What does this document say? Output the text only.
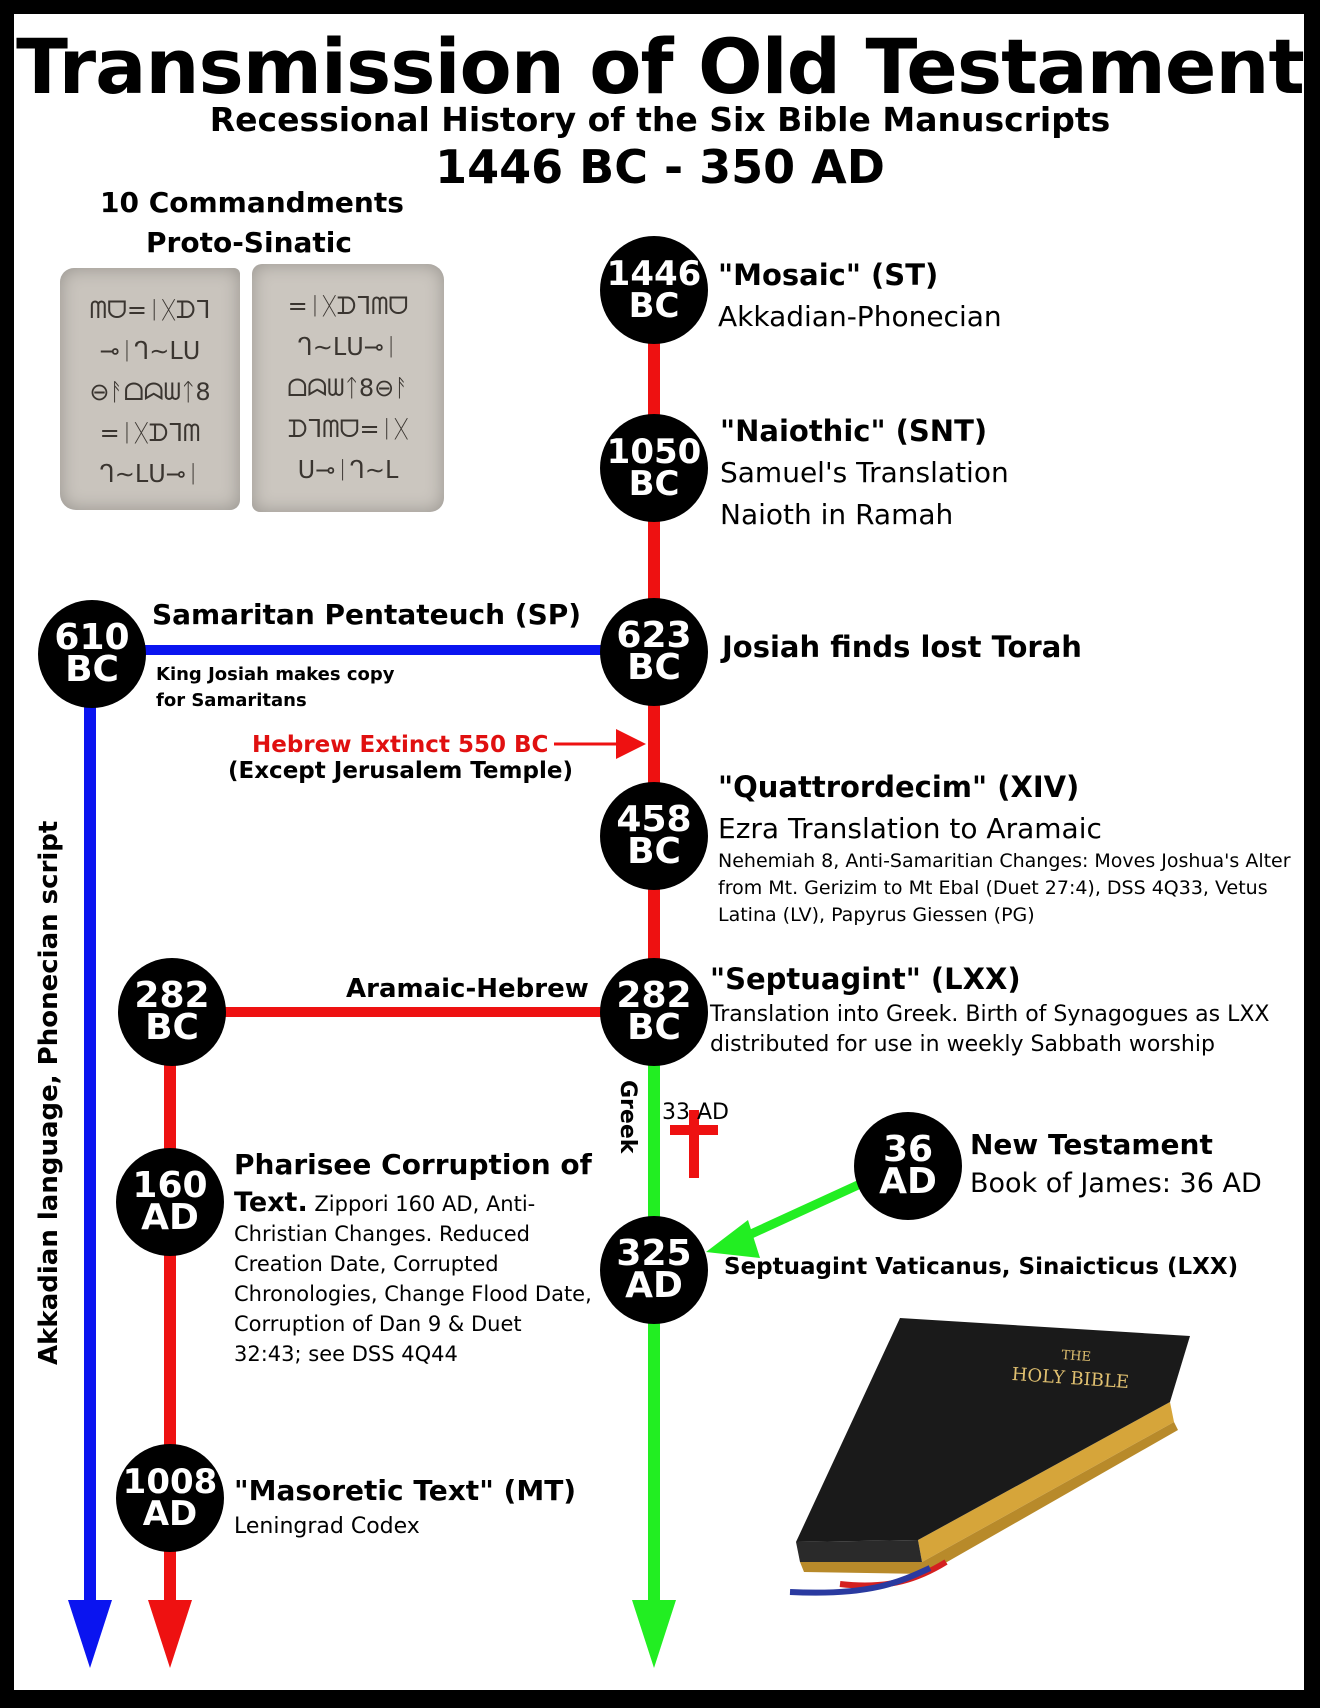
Transmission of Old Testament
Recessional History of the Six Bible Manuscripts
1446 BC - 350 AD
10 Commandments
Proto-Sinatic
ᗰᗜ=ᛁᚷᗪᒣ
⊸ᛁᒉ∼ᒪᑌ
⊖ᚨᗝᗣᗯᛏ8
=ᛁᚷᗪᒣᗰ
ᒉ∼ᒪᑌ⊸ᛁ
=ᛁᚷᗪᒣᗰᗜ
ᒉ∼ᒪᑌ⊸ᛁ
ᗝᗣᗯᛏ8⊖ᚨ
ᗪᒣᗰᗜ=ᛁᚷ
ᑌ⊸ᛁᒉ∼ᒪ
1446
BC
1050
BC
623
BC
610
BC
458
BC
282
BC
282
BC
36
AD
160
AD
325
AD
1008
AD
"Mosaic" (ST)
Akkadian-Phonecian
"Naiothic" (SNT)
Samuel's Translation
Naioth in Ramah
Josiah finds lost Torah
Samaritan Pentateuch (SP)
King Josiah makes copy
for Samaritans
Hebrew Extinct 550 BC
(Except Jerusalem Temple)	"Quattrordecim" (XIV)
Ezra Translation to Aramaic
Nehemiah 8, Anti-Samaritian Changes: Moves Joshua's Alter from Mt. Gerizim to Mt Ebal (Duet 27:4), DSS 4Q33, Vetus Latina (LV), Papyrus Giessen (PG)
Aramaic-Hebrew	"Septuagint" (LXX)
Translation into Greek. Birth of Synagogues as LXX distributed for use in weekly Sabbath worship
Greek 33 AD
New Testament
Book of James: 36 AD
Pharisee Corruption of
Text. Zippori 160 AD, Anti-Christian Changes. Reduced Creation Date, Corrupted Chronologies, Change Flood Date, Corruption of Dan 9 & Duet 32:43; see DSS 4Q44
Septuagint Vaticanus, Sinaicticus (LXX)
"Masoretic Text" (MT)
Leningrad Codex
Akkadian language, Phonecian script	THE
HOLY BIBLE
